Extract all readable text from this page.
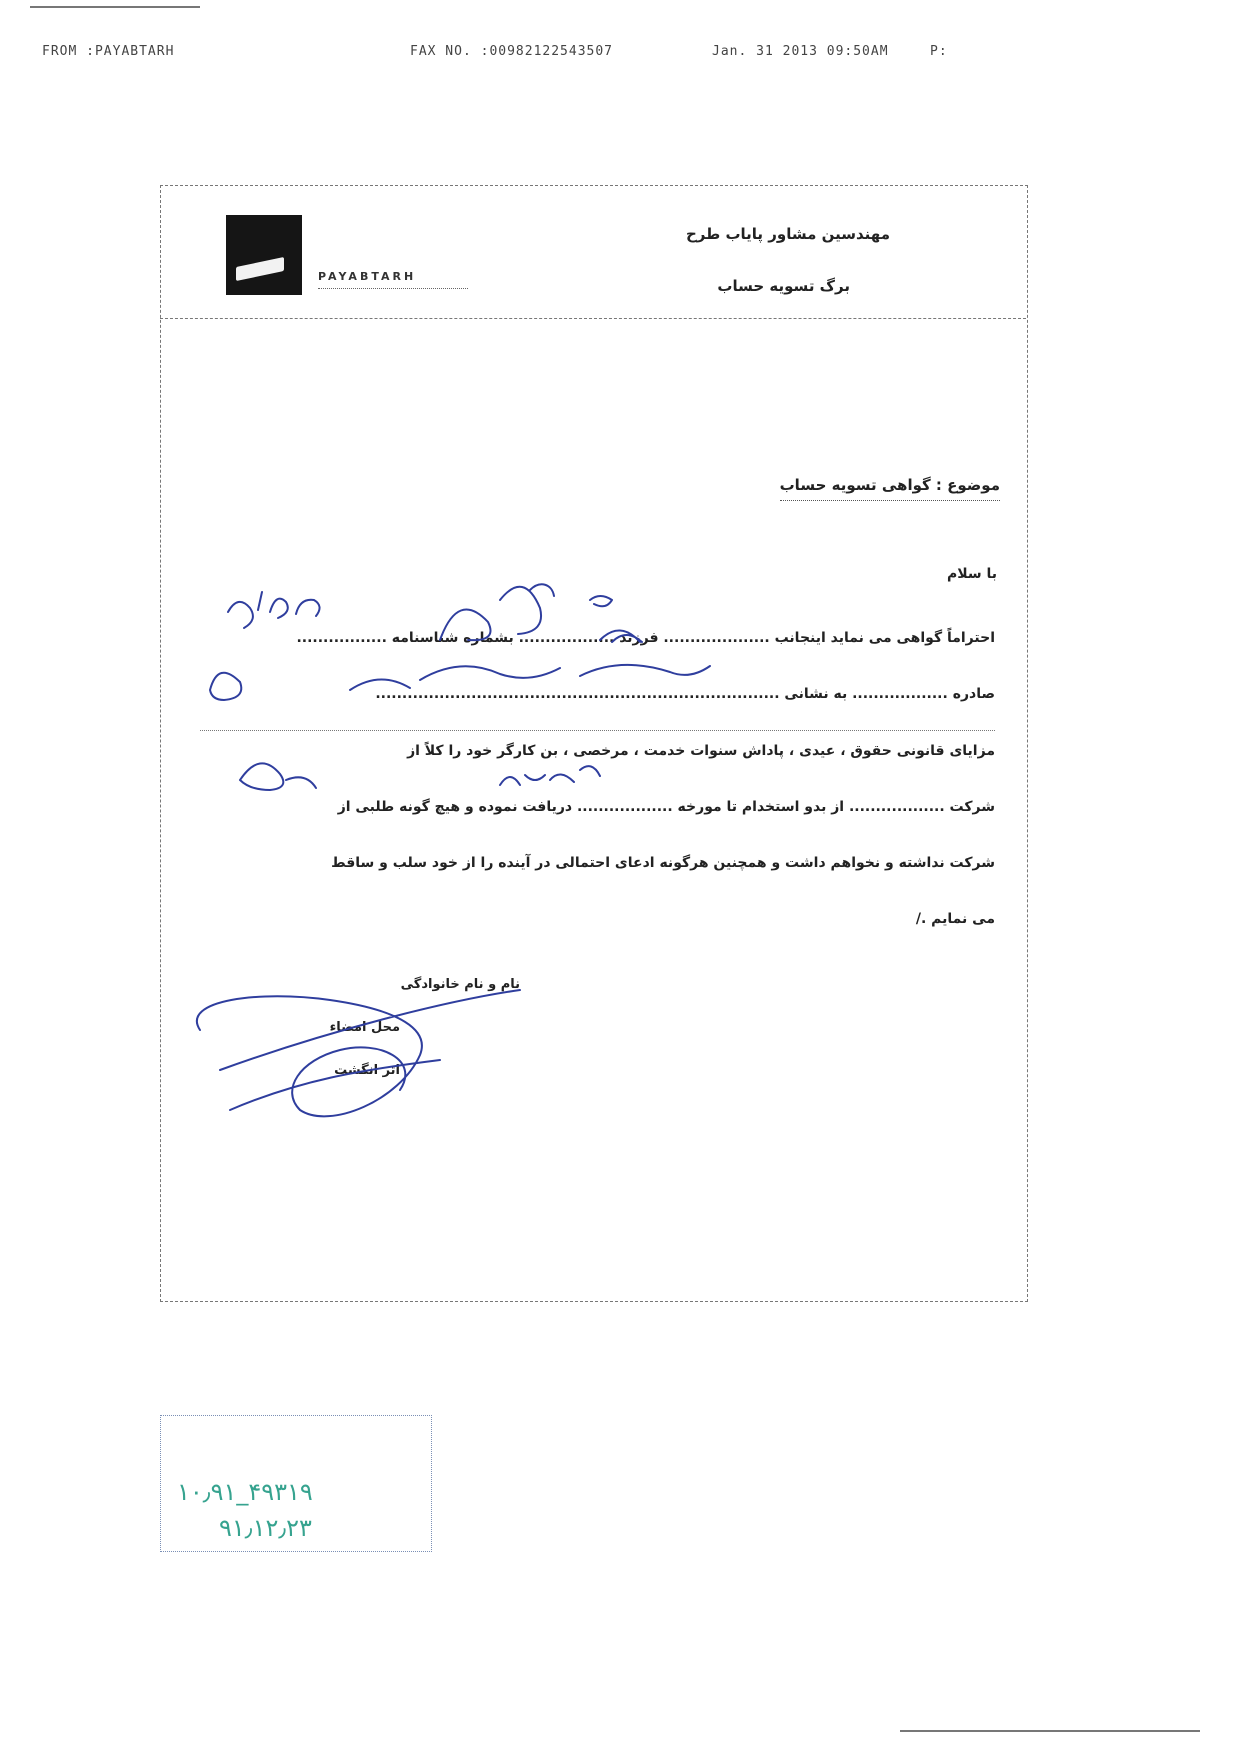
FROM :PAYABTARH	FAX NO. :00982122543507	Jan. 31 2013 09:50AM	P:
PAYABTARH
مهندسین مشاور پایاب طرح
برگ تسویه حساب
موضوع : گواهی تسویه حساب
با سلام
احتراماً گواهی می نماید اینجانب .................... فرزند .................. بشماره شناسنامه .................
صادره .................. به نشانی ............................................................................
مزایای قانونی حقوق ، عیدی ، پاداش سنوات خدمت ، مرخصی ، بن کارگر خود را کلاً از
شرکت .................. از بدو استخدام تا مورخه .................. دریافت نموده و هیچ گونه طلبی از
شرکت نداشته و نخواهم داشت و همچنین هرگونه ادعای احتمالی در آینده را از خود سلب و ساقط
می نمایم ./
نام و نام خانوادگی
محل امضاء
اثر انگشت
۱۰٫۹۱_۴۹۳۱۹
۹۱٫۱۲٫۲۳
